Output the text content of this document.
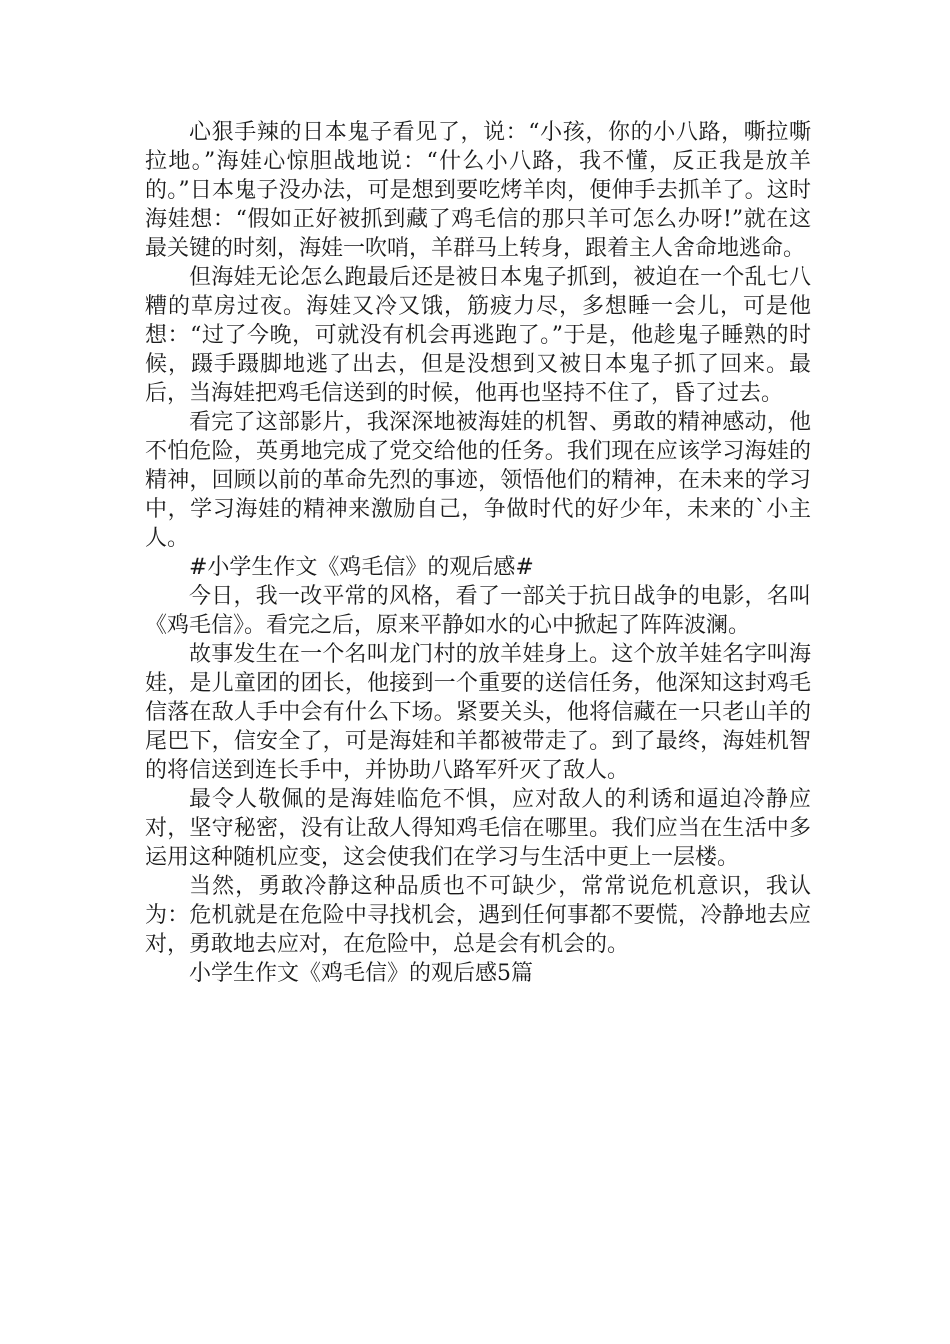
心狠手辣的日本鬼子看见了，说：“小孩，你的小八路，嘶拉嘶拉地。”海娃心惊胆战地说：“什么小八路，我不懂，反正我是放羊的。”日本鬼子没办法，可是想到要吃烤羊肉，便伸手去抓羊了。这时海娃想：“假如正好被抓到藏了鸡毛信的那只羊可怎么办呀!”就在这最关键的时刻，海娃一吹哨，羊群马上转身，跟着主人舍命地逃命。

但海娃无论怎么跑最后还是被日本鬼子抓到，被迫在一个乱七八糟的草房过夜。海娃又冷又饿，筋疲力尽，多想睡一会儿，可是他想：“过了今晚，可就没有机会再逃跑了。”于是，他趁鬼子睡熟的时候，蹑手蹑脚地逃了出去，但是没想到又被日本鬼子抓了回来。最后，当海娃把鸡毛信送到的时候，他再也坚持不住了，昏了过去。

看完了这部影片，我深深地被海娃的机智、勇敢的精神感动，他不怕危险，英勇地完成了党交给他的任务。我们现在应该学习海娃的精神，回顾以前的革命先烈的事迹，领悟他们的精神，在未来的学习中，学习海娃的精神来激励自己，争做时代的好少年，未来的`小主人。

#小学生作文《鸡毛信》的观后感#

今日，我一改平常的风格，看了一部关于抗日战争的电影，名叫《鸡毛信》。看完之后，原来平静如水的心中掀起了阵阵波澜。

故事发生在一个名叫龙门村的放羊娃身上。这个放羊娃名字叫海娃，是儿童团的团长，他接到一个重要的送信任务，他深知这封鸡毛信落在敌人手中会有什么下场。紧要关头，他将信藏在一只老山羊的尾巴下，信安全了，可是海娃和羊都被带走了。到了最终，海娃机智的将信送到连长手中，并协助八路军歼灭了敌人。

最令人敬佩的是海娃临危不惧，应对敌人的利诱和逼迫冷静应对，坚守秘密，没有让敌人得知鸡毛信在哪里。我们应当在生活中多运用这种随机应变，这会使我们在学习与生活中更上一层楼。

当然，勇敢冷静这种品质也不可缺少，常常说危机意识，我认为：危机就是在危险中寻找机会，遇到任何事都不要慌，冷静地去应对，勇敢地去应对，在危险中，总是会有机会的。

小学生作文《鸡毛信》的观后感5篇
